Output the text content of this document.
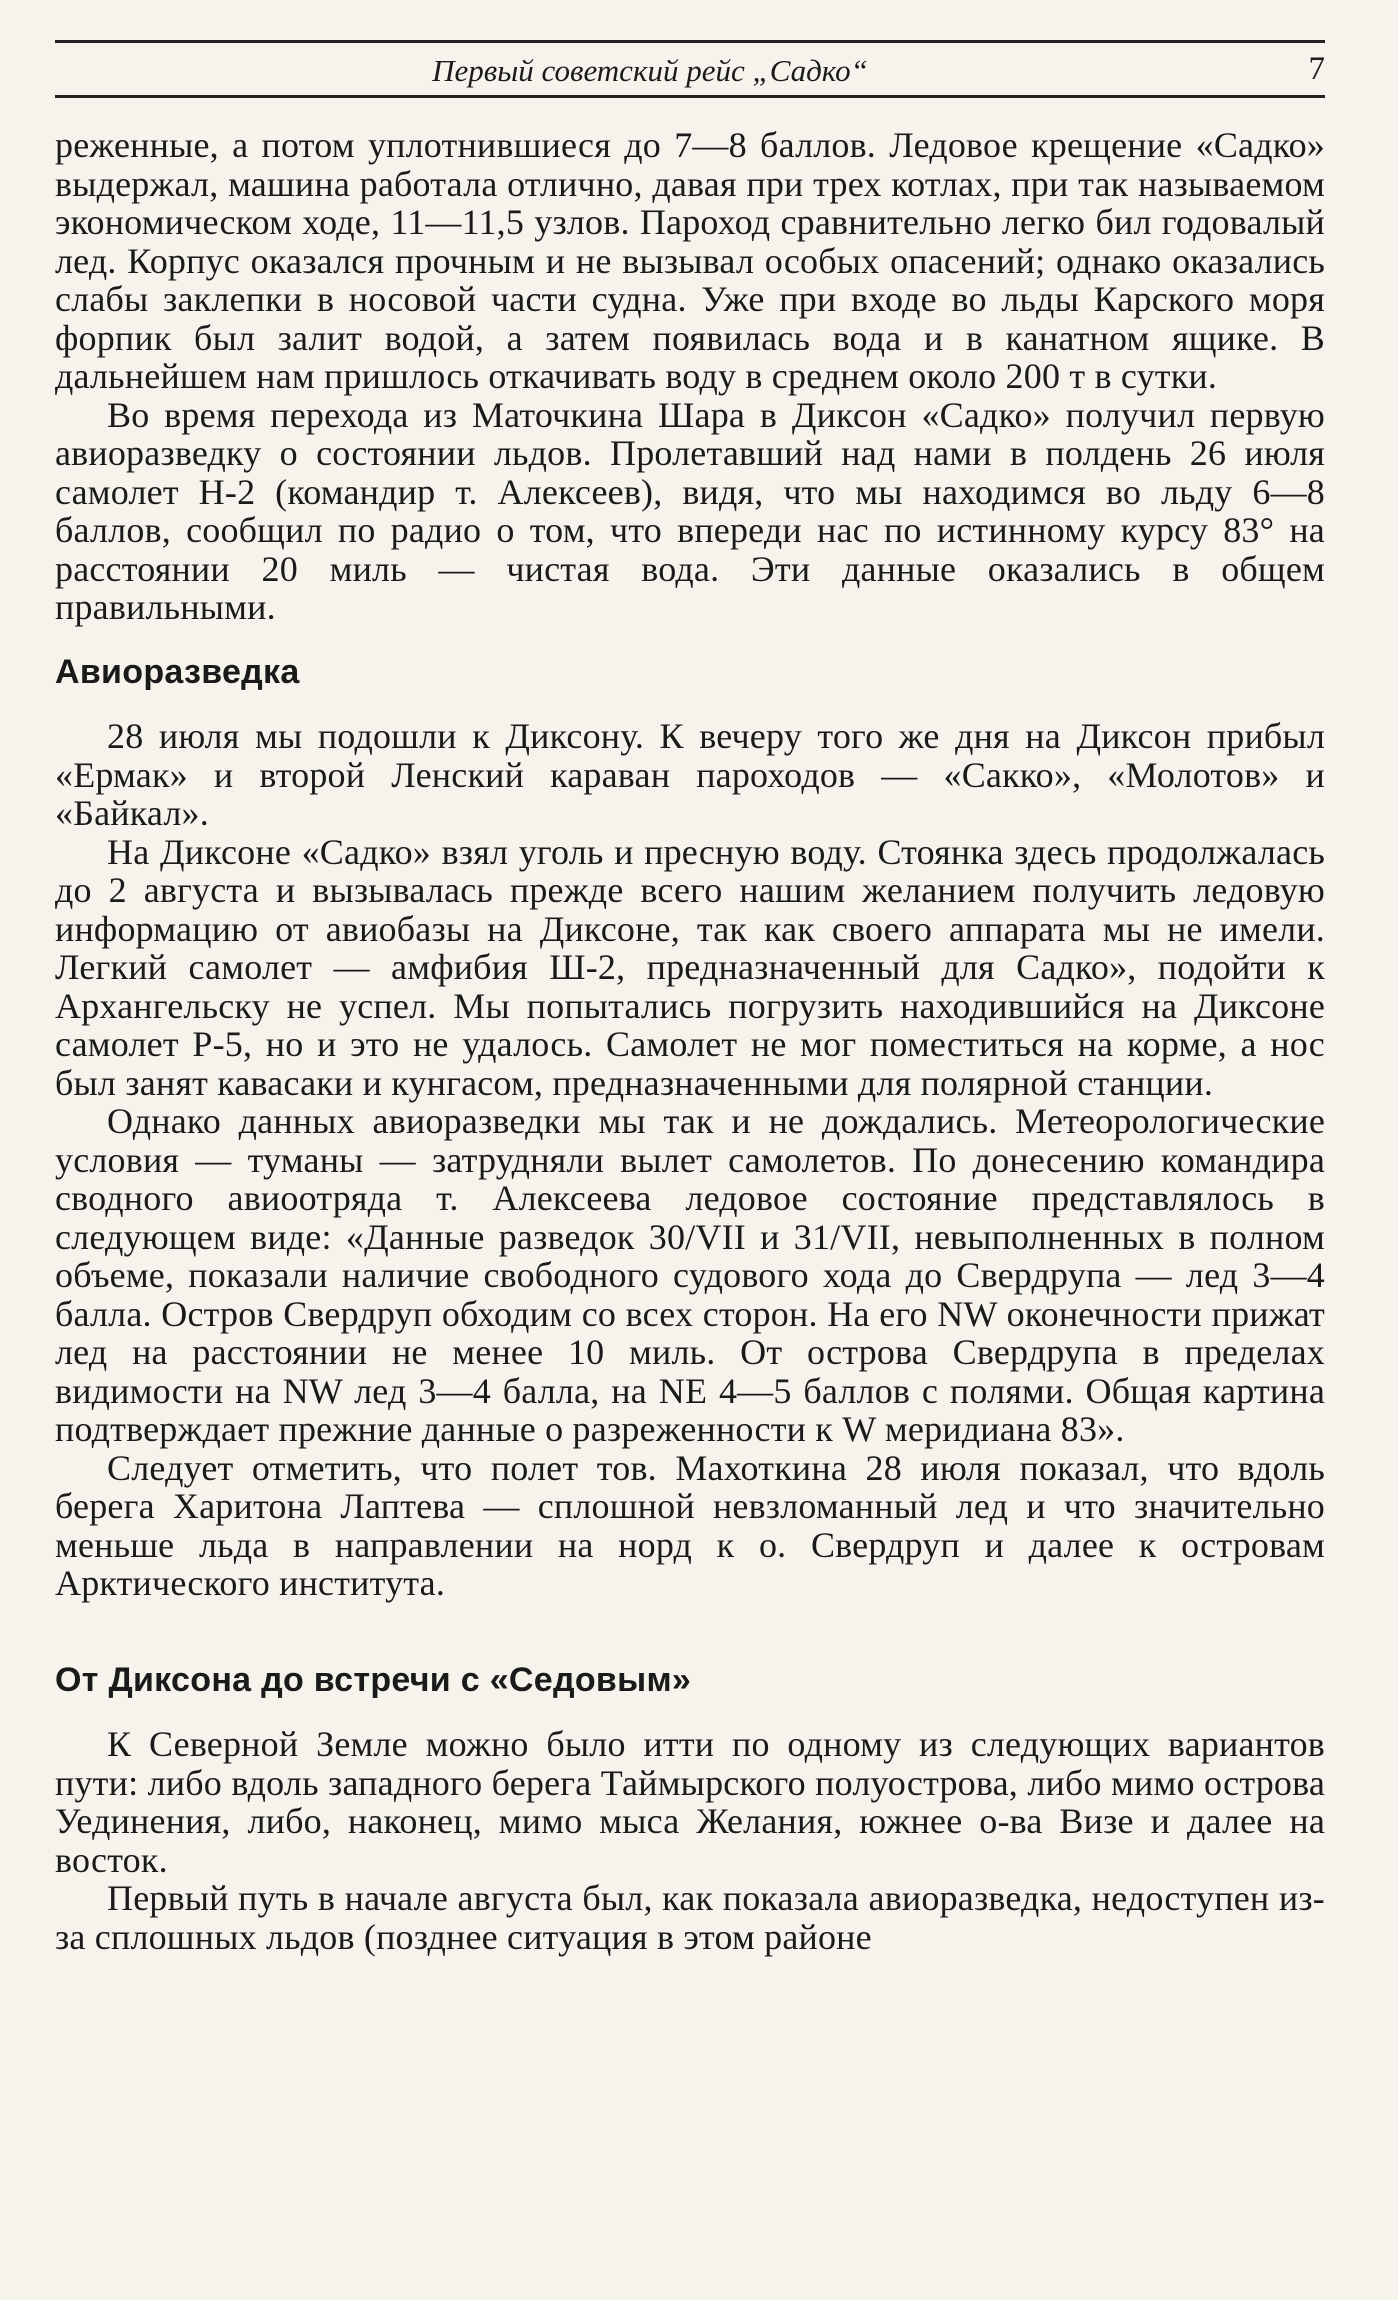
Первый советский рейс „Садко“	7

реженные, а потом уплотнившиеся до 7—8 баллов. Ледовое крещение «Садко» выдержал, машина работала отлично, давая при трех котлах, при так называемом экономическом ходе, 11—11,5 узлов. Пароход сравнительно легко бил годовалый лед. Корпус оказался прочным и не вызывал особых опасений; однако оказались слабы заклепки в носовой части судна. Уже при входе во льды Карского моря форпик был залит водой, а затем появилась вода и в канатном ящике. В дальнейшем нам пришлось откачивать воду в среднем около 200 т в сутки.

Во время перехода из Маточкина Шара в Диксон «Садко» получил первую авиоразведку о состоянии льдов. Пролетавший над нами в полдень 26 июля самолет Н-2 (командир т. Алексеев), видя, что мы находимся во льду 6—8 баллов, сообщил по радио о том, что впереди нас по истинному курсу 83° на расстоянии 20 миль — чистая вода. Эти данные оказались в общем правильными.

Авиоразведка

28 июля мы подошли к Диксону. К вечеру того же дня на Диксон прибыл «Ермак» и второй Ленский караван пароходов — «Сакко», «Молотов» и «Байкал».

На Диксоне «Садко» взял уголь и пресную воду. Стоянка здесь продолжалась до 2 августа и вызывалась прежде всего нашим желанием получить ледовую информацию от авиобазы на Диксоне, так как своего аппарата мы не имели. Легкий самолет — амфибия Ш-2, предназначенный для Садко», подойти к Архангельску не успел. Мы попытались погрузить находившийся на Диксоне самолет Р-5, но и это не удалось. Самолет не мог поместиться на корме, а нос был занят кавасаки и кунгасом, предназначенными для полярной станции.

Однако данных авиоразведки мы так и не дождались. Метеорологические условия — туманы — затрудняли вылет самолетов. По донесению командира сводного авиоотряда т. Алексеева ледовое состояние представлялось в следующем виде: «Данные разведок 30/VII и 31/VII, невыполненных в полном объеме, показали наличие свободного судового хода до Свердрупа — лед 3—4 балла. Остров Свердруп обходим со всех сторон. На его NW оконечности прижат лед на расстоянии не менее 10 миль. От острова Свердрупа в пределах видимости на NW лед 3—4 балла, на NE 4—5 баллов с полями. Общая картина подтверждает прежние данные о разреженности к W меридиана 83».

Следует отметить, что полет тов. Махоткина 28 июля показал, что вдоль берега Харитона Лаптева — сплошной невзломанный лед и что значительно меньше льда в направлении на норд к о. Свердруп и далее к островам Арктического института.

От Диксона до встречи с «Седовым»

К Северной Земле можно было итти по одному из следующих вариантов пути: либо вдоль западного берега Таймырского полуострова, либо мимо острова Уединения, либо, наконец, мимо мыса Желания, южнее о-ва Визе и далее на восток.

Первый путь в начале августа был, как показала авиоразведка, недоступен из-за сплошных льдов (позднее ситуация в этом районе
